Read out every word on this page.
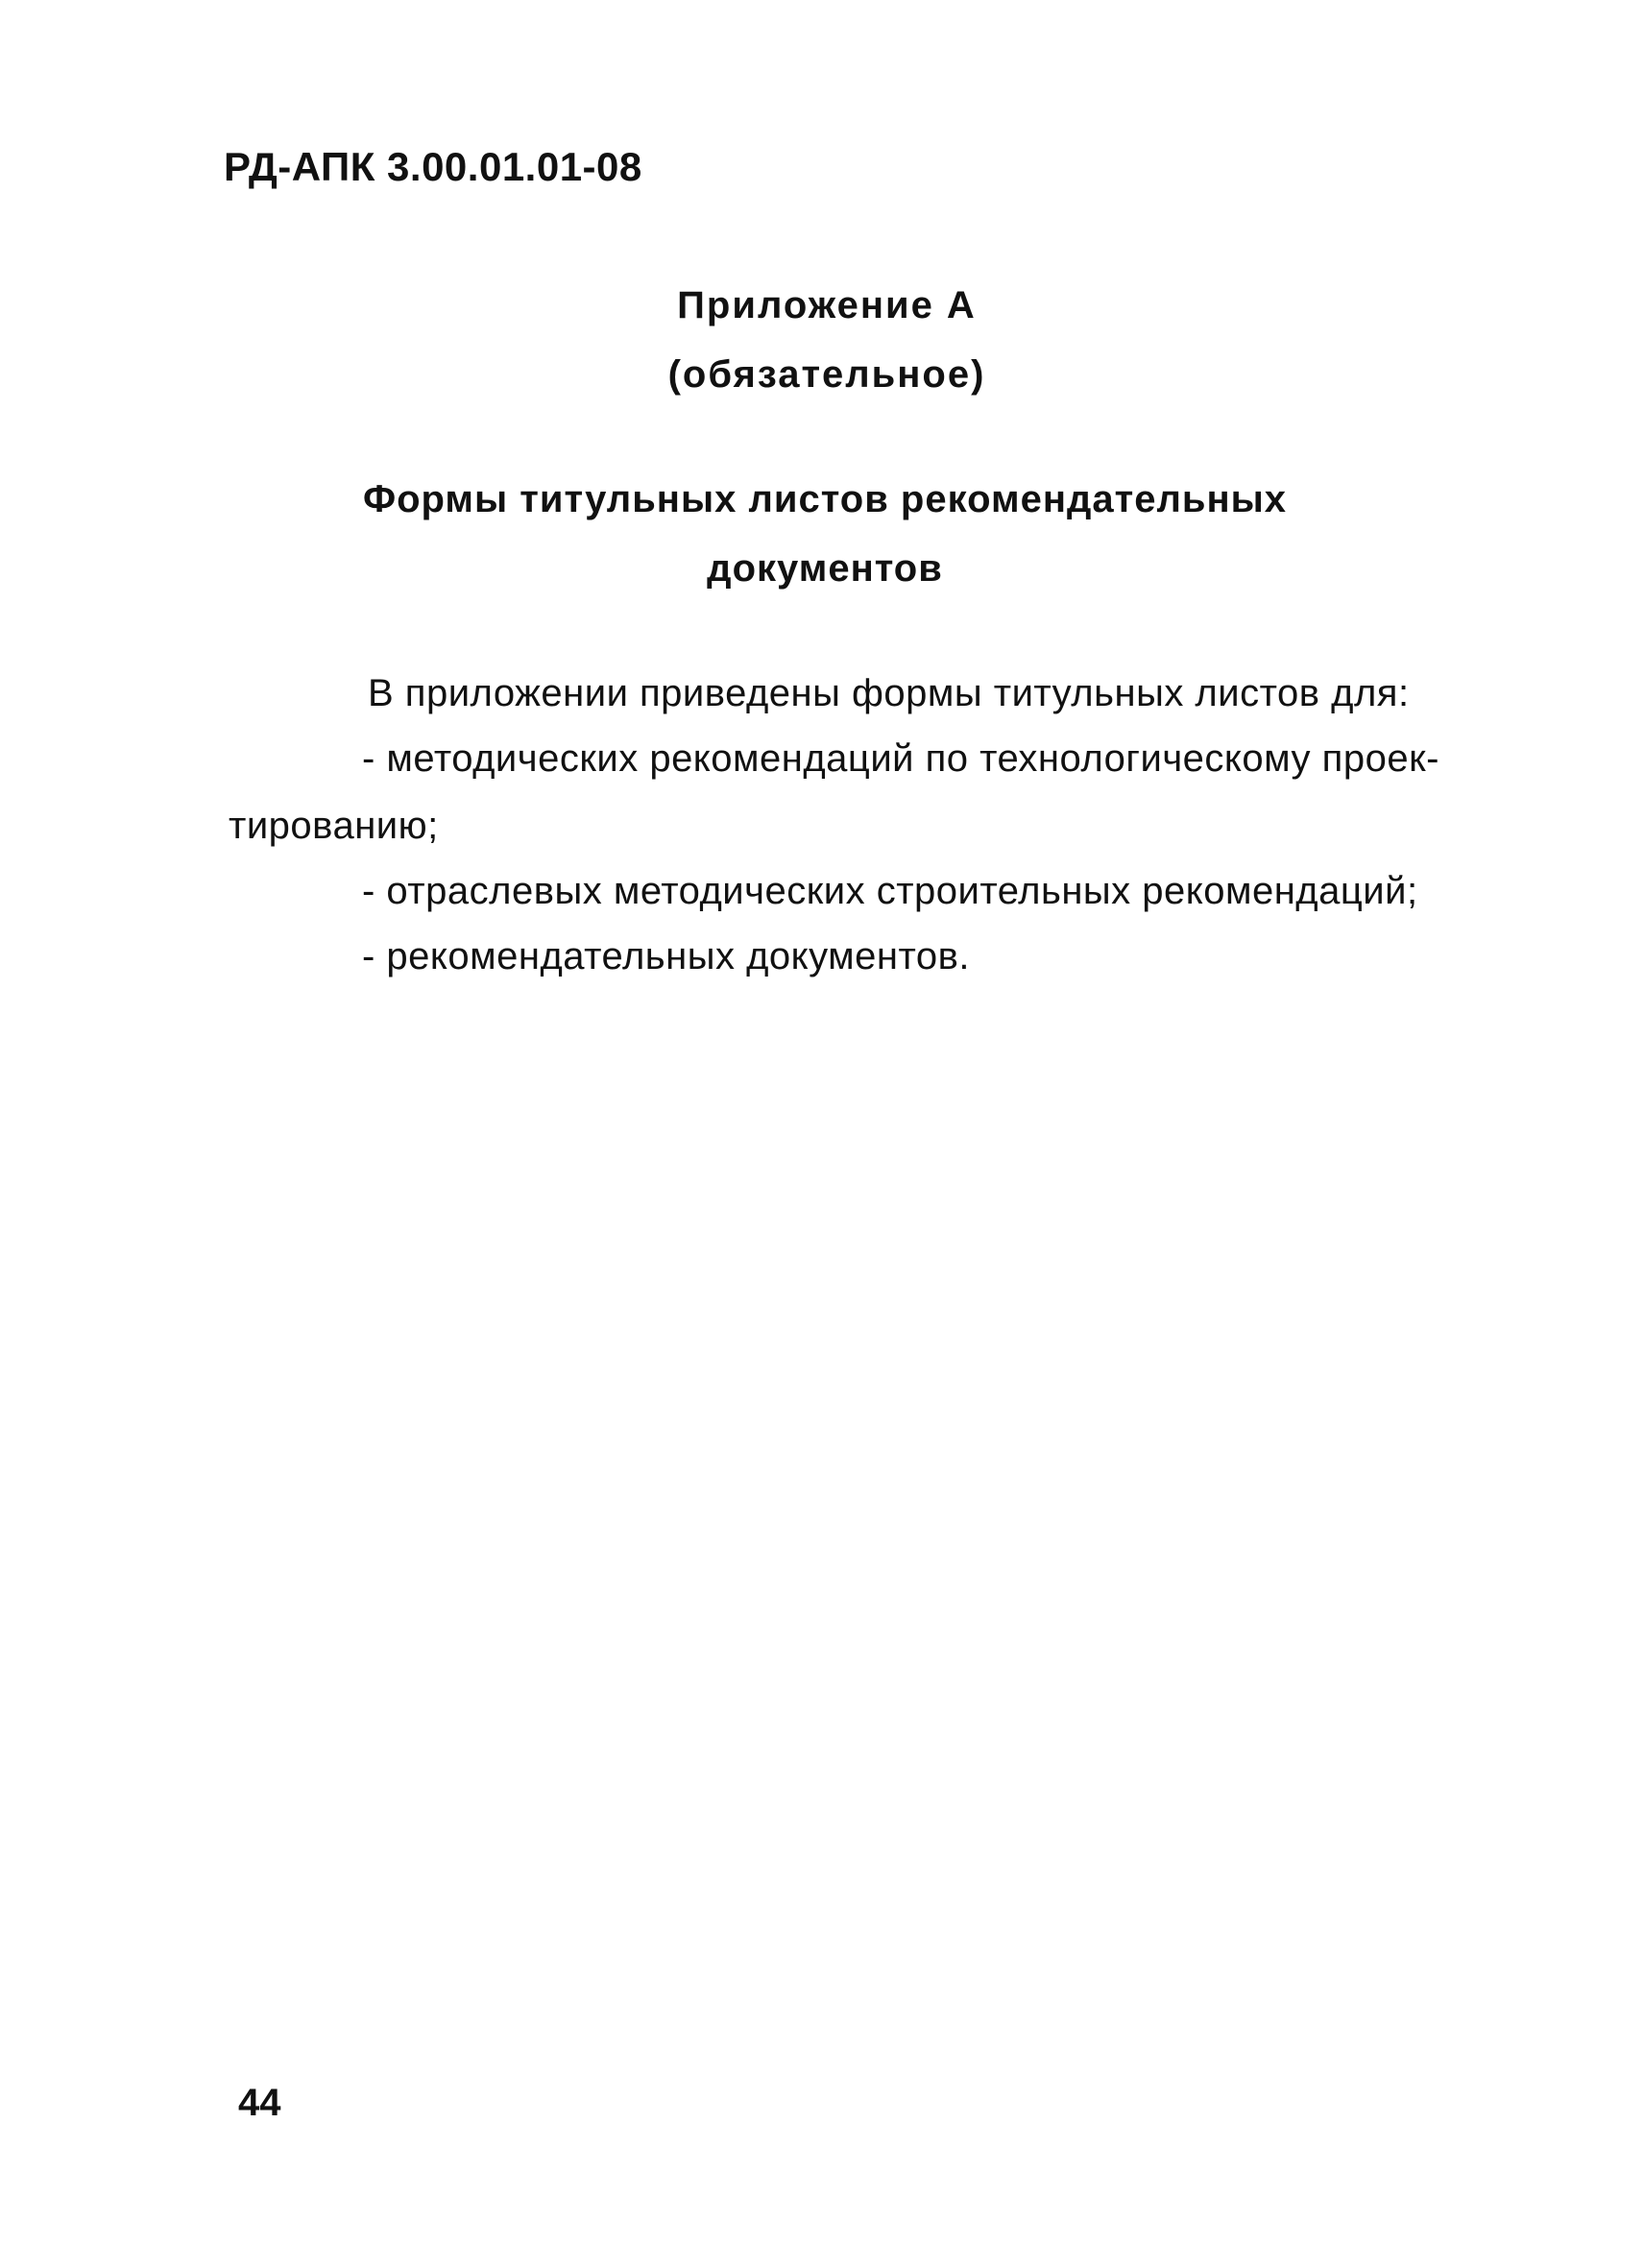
РД-АПК 3.00.01.01-08
Приложение А
(обязательное)
Формы титульных листов рекомендательных
документов
В приложении приведены формы титульных листов для:
- методических рекомендаций по технологическому проек-
тированию;
- отраслевых методических строительных рекомендаций;
- рекомендательных документов.
44
